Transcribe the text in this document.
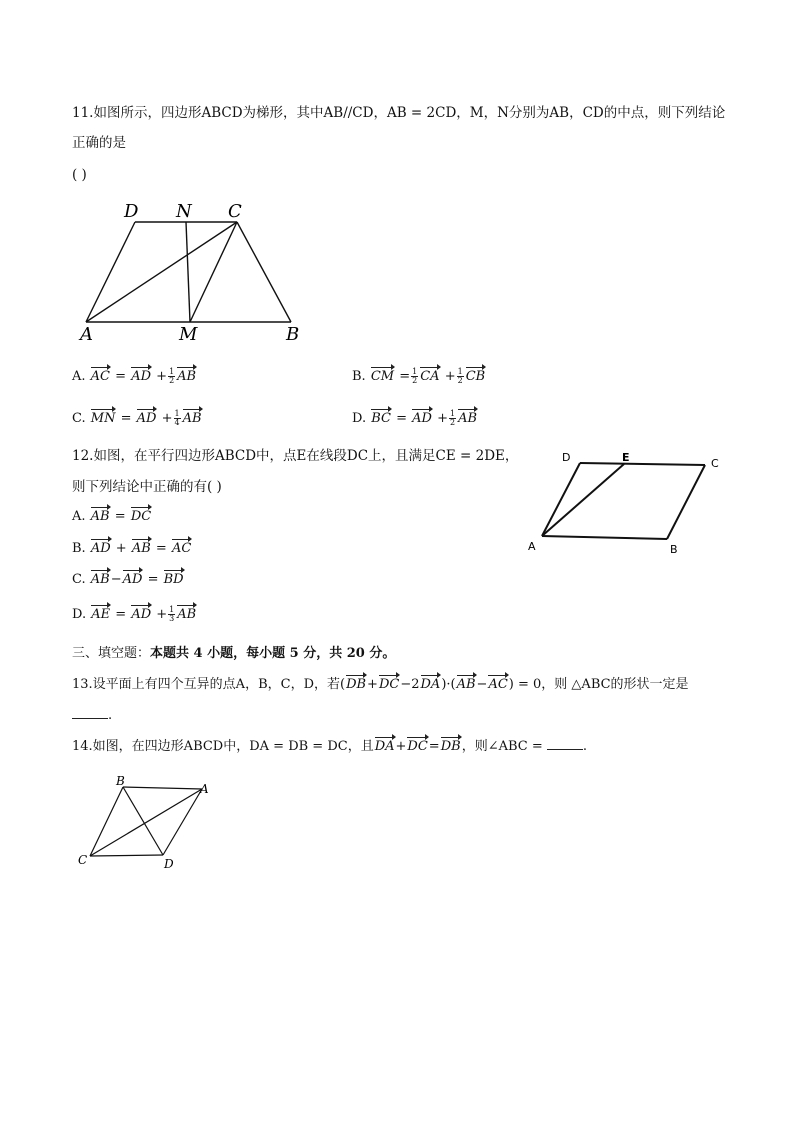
11.如图所示，四边形ABCD为梯形，其中AB//CD，AB = 2CD，M，N分别为AB，CD的中点，则下列结论
正确的是
( )
D N C
A	M	B
A. AC = AD + $\frac{1}{2}$ AB	B. CM = $\frac{1}{2}$ CA + $\frac{1}{2}$ CB
C. MN = AD + $\frac{1}{4}$ AB	D. BC = AD + $\frac{1}{2}$ AB
12.如图，在平行四边形ABCD中，点E在线段DC上，且满足CE = 2DE，
则下列结论中正确的有( )
D	E	C
A	B
A. AB = DC
B. AD + AB = AC
C. AB−AD = BD
D. AE = AD + $\frac{1}{3}$ AB
三、填空题：本题共 4 小题，每小题 5 分，共 20 分。
13.设平面上有四个互异的点A，B，C，D，若(DB+DC−2DA)·(AB−AC) = 0，则 △ABC的形状一定是
.
14.如图，在四边形ABCD中，DA = DB = DC，且DA+DC=DB，则∠ABC =	.
B
A
C	D
